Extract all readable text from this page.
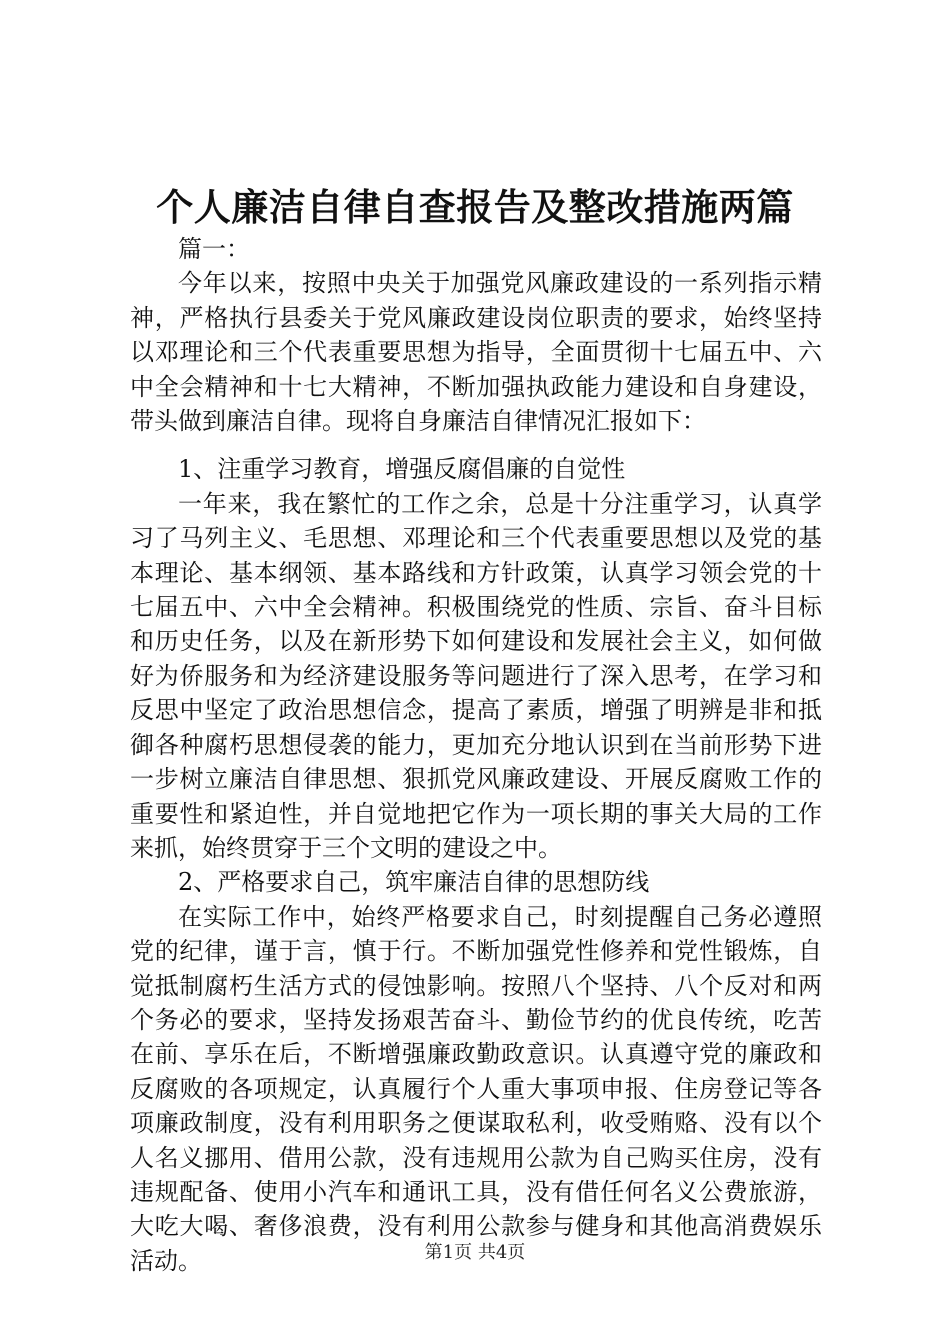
个人廉洁自律自查报告及整改措施两篇

篇一：

今年以来，按照中央关于加强党风廉政建设的一系列指示精神，严格执行县委关于党风廉政建设岗位职责的要求，始终坚持以邓理论和三个代表重要思想为指导，全面贯彻十七届五中、六中全会精神和十七大精神，不断加强执政能力建设和自身建设，带头做到廉洁自律。现将自身廉洁自律情况汇报如下：

1、注重学习教育，增强反腐倡廉的自觉性

一年来，我在繁忙的工作之余，总是十分注重学习，认真学习了马列主义、毛思想、邓理论和三个代表重要思想以及党的基本理论、基本纲领、基本路线和方针政策，认真学习领会党的十七届五中、六中全会精神。积极围绕党的性质、宗旨、奋斗目标和历史任务，以及在新形势下如何建设和发展社会主义，如何做好为侨服务和为经济建设服务等问题进行了深入思考，在学习和反思中坚定了政治思想信念，提高了素质，增强了明辨是非和抵御各种腐朽思想侵袭的能力，更加充分地认识到在当前形势下进一步树立廉洁自律思想、狠抓党风廉政建设、开展反腐败工作的重要性和紧迫性，并自觉地把它作为一项长期的事关大局的工作来抓，始终贯穿于三个文明的建设之中。

2、严格要求自己，筑牢廉洁自律的思想防线

在实际工作中，始终严格要求自己，时刻提醒自己务必遵照党的纪律，谨于言，慎于行。不断加强党性修养和党性锻炼，自觉抵制腐朽生活方式的侵蚀影响。按照八个坚持、八个反对和两个务必的要求，坚持发扬艰苦奋斗、勤俭节约的优良传统，吃苦在前、享乐在后，不断增强廉政勤政意识。认真遵守党的廉政和反腐败的各项规定，认真履行个人重大事项申报、住房登记等各项廉政制度，没有利用职务之便谋取私利，收受贿赂、没有以个人名义挪用、借用公款，没有违规用公款为自己购买住房，没有违规配备、使用小汽车和通讯工具，没有借任何名义公费旅游，大吃大喝、奢侈浪费，没有利用公款参与健身和其他高消费娱乐活动。	第1页 共4页
